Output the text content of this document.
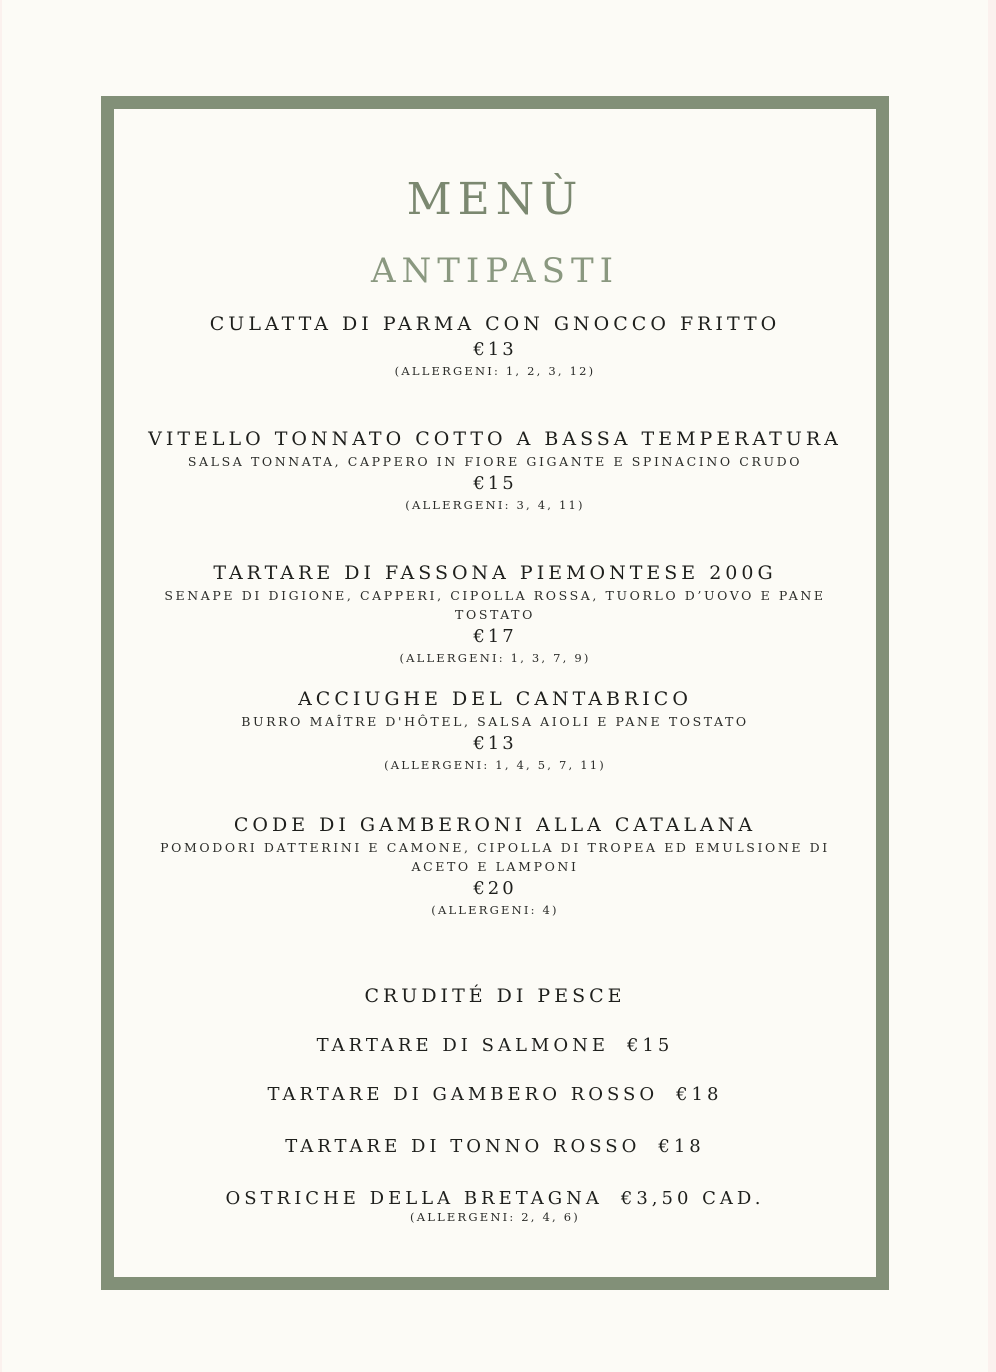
MENÙ
ANTIPASTI
CULATTA DI PARMA CON GNOCCO FRITTO
€13
(ALLERGENI: 1, 2, 3, 12)
VITELLO TONNATO COTTO A BASSA TEMPERATURA
SALSA TONNATA, CAPPERO IN FIORE GIGANTE E SPINACINO CRUDO
€15
(ALLERGENI: 3, 4, 11)
TARTARE DI FASSONA PIEMONTESE 200G
SENAPE DI DIGIONE, CAPPERI, CIPOLLA ROSSA, TUORLO D’UOVO E PANE TOSTATO
€17
(ALLERGENI: 1, 3, 7, 9)
ACCIUGHE DEL CANTABRICO
BURRO MAÎTRE D'HÔTEL, SALSA AIOLI E PANE TOSTATO
€13
(ALLERGENI: 1, 4, 5, 7, 11)
CODE DI GAMBERONI ALLA CATALANA
POMODORI DATTERINI E CAMONE, CIPOLLA DI TROPEA ED EMULSIONE DI ACETO E LAMPONI
€20
(ALLERGENI: 4)
CRUDITÉ DI PESCE
TARTARE DI SALMONE €15
TARTARE DI GAMBERO ROSSO €18
TARTARE DI TONNO ROSSO €18
OSTRICHE DELLA BRETAGNA €3,50 CAD.
(ALLERGENI: 2, 4, 6)
